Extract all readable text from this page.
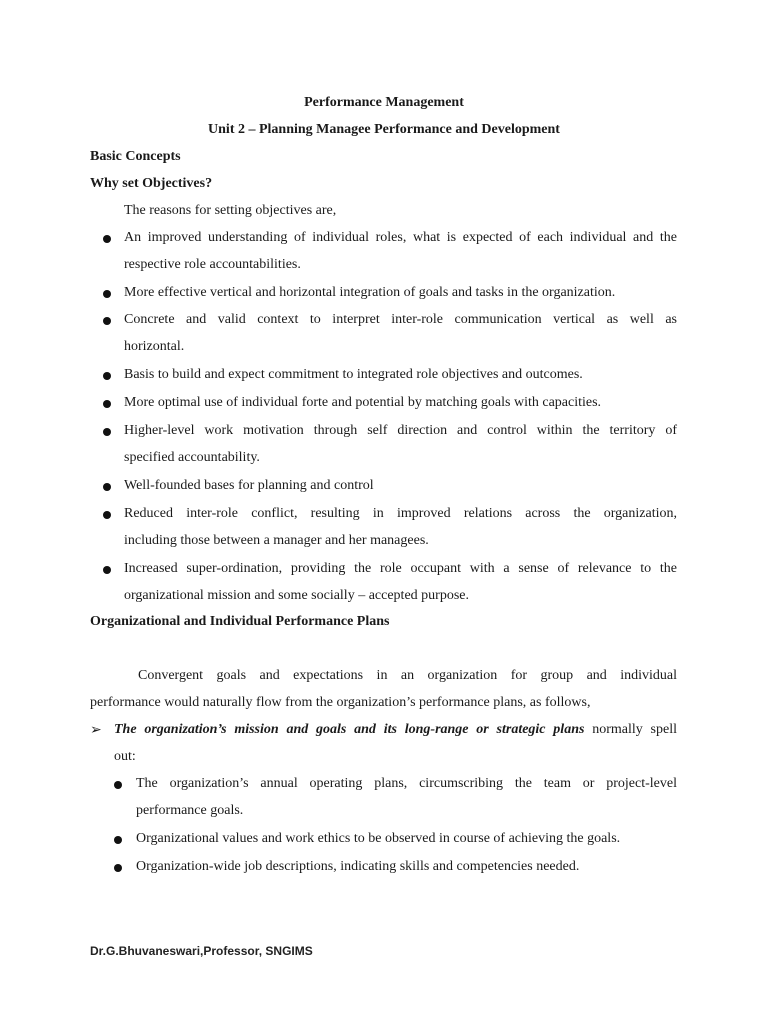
Performance Management
Unit 2 – Planning Managee Performance and Development
Basic Concepts
Why set Objectives?
The reasons for setting objectives are,
An improved understanding of individual roles, what is expected of each individual and the
respective role accountabilities.
More effective vertical and horizontal integration of goals and tasks in the organization.
Concrete and valid context to interpret inter-role communication vertical as well as
horizontal.
Basis to build and expect commitment to integrated role objectives and outcomes.
More optimal use of individual forte and potential by matching goals with capacities.
Higher-level work motivation through self direction and control within the territory of
specified accountability.
Well-founded bases for planning and control
Reduced inter-role conflict, resulting in improved relations across the organization,
including those between a manager and her managees.
Increased super-ordination, providing the role occupant with a sense of relevance to the
organizational mission and some socially – accepted purpose.
Organizational and Individual Performance Plans
Convergent goals and expectations in an organization for group and individual
performance would naturally flow from the organization’s performance plans, as follows,
➢ The organization’s mission and goals and its long-range or strategic plans normally spell
out:
The organization’s annual operating plans, circumscribing the team or project-level
performance goals.
Organizational values and work ethics to be observed in course of achieving the goals.
Organization-wide job descriptions, indicating skills and competencies needed.
Dr.G.Bhuvaneswari,Professor, SNGIMS
